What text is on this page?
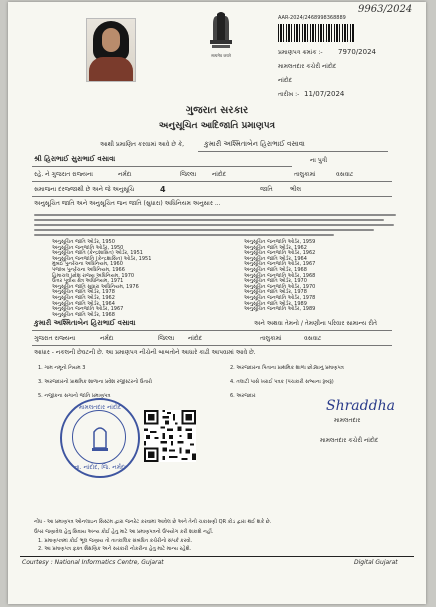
9963/2024
सत्यमेव जयते
AAR-2024/2468998368889
પ્રમાણપત્ર ક્રમાંક :- 7970/2024
મામલતદાર કચેરી નાંદોદ
નાંદોદ
તારીખ :- 11/07/2024
ગુજરાત સરકાર
અનુસૂચિત આદિજાતિ પ્રમાણપત્ર
આથી પ્રમાણિત કરવામાં આવે છે કે,	કુમારી અશ્મિતાબેન હિરાભાઈ વસાવા
શ્રી હિરાભાઈ સુરાભાઈ વસાવા	ના પુત્રી
રહે. ને ગુજરાત રાજ્યના	નર્મદા	જિલ્લા	નાંદોદ	તાલુકામાં	વસવાટ
સમાજના દરજ્જાથી છે અને જે અનુસૂચિ	4	જાતિ	ભીલ
અનુસૂચિત જાતિ અને અનુસૂચિત જન જાતિ (સુધારા) અધિનિયમ અનુસાર ...
અનુસૂચિત જાતિ ઓર્ડર, 1950
અનુસૂચિત જનજાતિ ઓર્ડર, 1950
અનુસૂચિત જાતિ (કેન્દ્રશાસિત) ઓર્ડર, 1951
અનુસૂચિત જનજાતિ (કેન્દ્રશાસિત) ઓર્ડર, 1951
મુંબઈ પુનર્રચના અધિનિયમ, 1960
પંજાબ પુનર્રચના અધિનિયમ, 1966
હિમાચલ પ્રદેશ રાજ્ય અધિનિયમ, 1970
ઉત્તર પૂર્વીય ક્ષેત્ર અધિનિયમ, 1971
અનુસૂચિત જાતિ સુધારા અધિનિયમ, 1976
અનુસૂચિત જાતિ ઓર્ડર, 1978
અનુસૂચિત જાતિ ઓર્ડર, 1962
અનુસૂચિત જાતિ ઓર્ડર, 1964
અનુસૂચિત જનજાતિ ઓર્ડર, 1967
અનુસૂચિત જાતિ ઓર્ડર, 1968
અનુસૂચિત જનજાતિ ઓર્ડર, 1959
અનુસૂચિત જાતિ ઓર્ડર, 1962
અનુસૂચિત જનજાતિ ઓર્ડર, 1962
અનુસૂચિત જાતિ ઓર્ડર, 1964
અનુસૂચિત જનજાતિ ઓર્ડર, 1967
અનુસૂચિત જાતિ ઓર્ડર, 1968
અનુસૂચિત જનજાતિ ઓર્ડર, 1968
અનુસૂચિત જાતિ ઓર્ડર, 1970
અનુસૂચિત જનજાતિ ઓર્ડર, 1970
અનુસૂચિત જાતિ ઓર્ડર, 1978
અનુસૂચિત જનજાતિ ઓર્ડર, 1978
અનુસૂચિત જાતિ ઓર્ડર, 1989
અનુસૂચિત જનજાતિ ઓર્ડર, 1989
કુમારી અશ્મિતાબેન હિરાભાઈ વસાવા	અને અથવા તેમનો / તેમણીના પરિવાર સામાન્ય રીતે
ગુજરાત રાજ્યના	નર્મદા	જિલ્લા નાંદોદ	તાલુકામાં	વસવાટ
આધાર - નકલની છેવટની છે. આ પ્રમાણપત્ર નીચેની બાબતોને આધારે કાઢી આપવામાં આવે છે.
1. ગામ નમૂનો નિયમ 3	2. અરજદારના પિતાના પ્રાથમિક શાળા છોડ્યાનું પ્રમાણપત્ર
3. અરજદારનો પ્રાથમિક શાળાના પ્રવેશ રજીસ્ટરનો ઉતારો	4. તલાટી પાસે ખરાઈ પત્રક (પંચકારી સભ્યના રૂબરૂ)
5. નજીકના સગાનો જાતિ પ્રમાણપત્ર	6. અરજદાર
મામલતદાર નાંદોદ
તા. નાંદોદ, જિ. નર્મદા
Shraddha
મામલતદાર
મામલતદાર કચેરી નાંદોદ
નોંધ - આ પ્રમાણપત્ર ઓનલાઇન સિસ્ટમ દ્વારા જનરેટ કરવામાં આવેલ છે અને તેની ચકાસણી QR કોડ દ્વારા થઈ શકે છે.
ઉપર જણાવેલ હેતુ સિવાય અન્ય કોઈ હેતુ માટે આ પ્રમાણપત્રનો ઉપયોગ કરી શકાશે નહીં.
1. પ્રમાણપત્રમાં કોઈ ભૂલ જણાય તો તાત્કાલિક સંબંધિત કચેરીનો સંપર્ક કરવો.
2. આ પ્રમાણપત્ર ફક્ત શૈક્ષણિક અને સરકારી નોકરીના હેતુ માટે માન્ય રહેશે.
Courtesy : National Informatics Centre, Gujarat	Digital Gujarat
